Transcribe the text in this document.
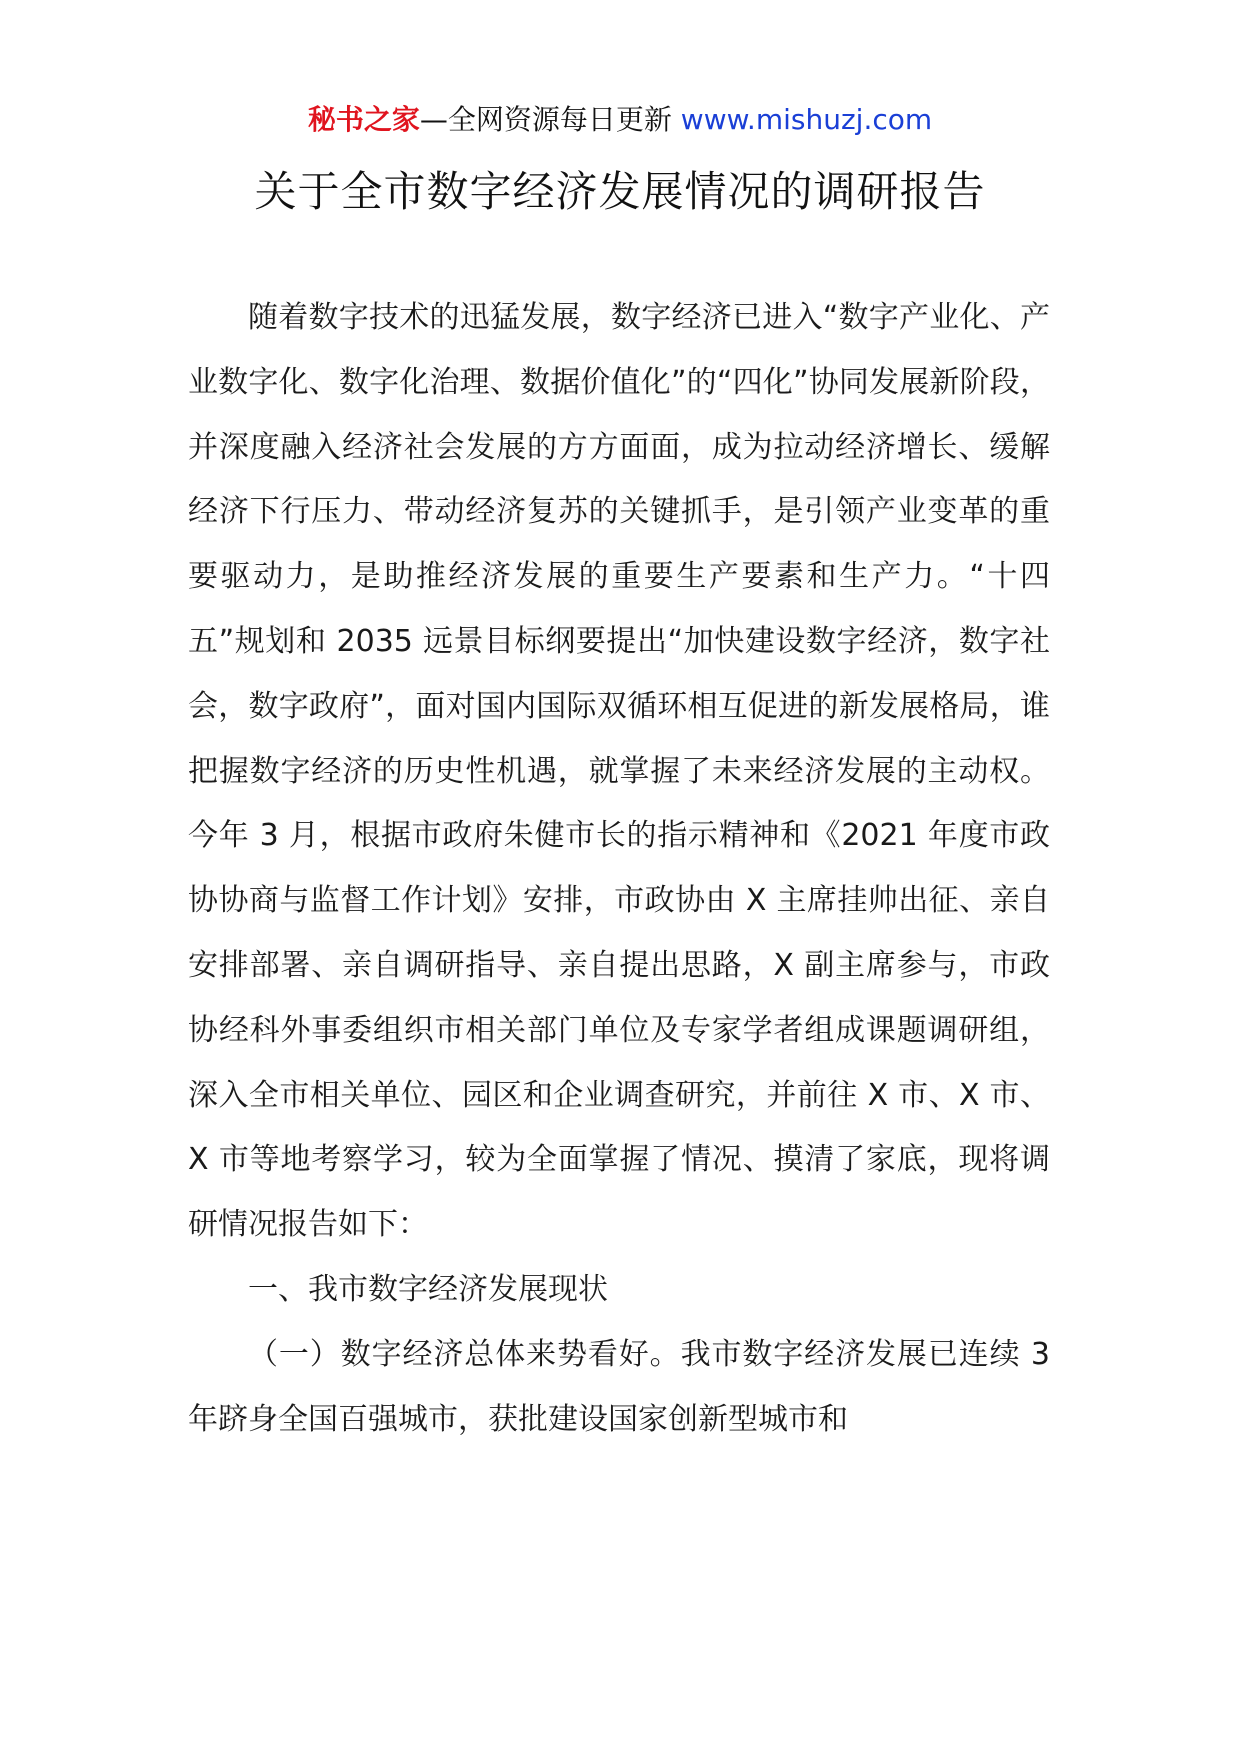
秘书之家—全网资源每日更新 www.mishuzj.com
关于全市数字经济发展情况的调研报告

随着数字技术的迅猛发展，数字经济已进入“数字产业化、产业数字化、数字化治理、数据价值化”的“四化”协同发展新阶段，并深度融入经济社会发展的方方面面，成为拉动经济增长、缓解经济下行压力、带动经济复苏的关键抓手，是引领产业变革的重要驱动力，是助推经济发展的重要生产要素和生产力。“十四五”规划和 2035 远景目标纲要提出“加快建设数字经济，数字社会，数字政府”，面对国内国际双循环相互促进的新发展格局，谁把握数字经济的历史性机遇，就掌握了未来经济发展的主动权。今年 3 月，根据市政府朱健市长的指示精神和《2021 年度市政协协商与监督工作计划》安排，市政协由 X 主席挂帅出征、亲自安排部署、亲自调研指导、亲自提出思路，X 副主席参与，市政协经科外事委组织市相关部门单位及专家学者组成课题调研组，深入全市相关单位、园区和企业调查研究，并前往 X 市、X 市、X 市等地考察学习，较为全面掌握了情况、摸清了家底，现将调研情况报告如下：

一、我市数字经济发展现状

（一）数字经济总体来势看好。我市数字经济发展已连续 3 年跻身全国百强城市，获批建设国家创新型城市和
